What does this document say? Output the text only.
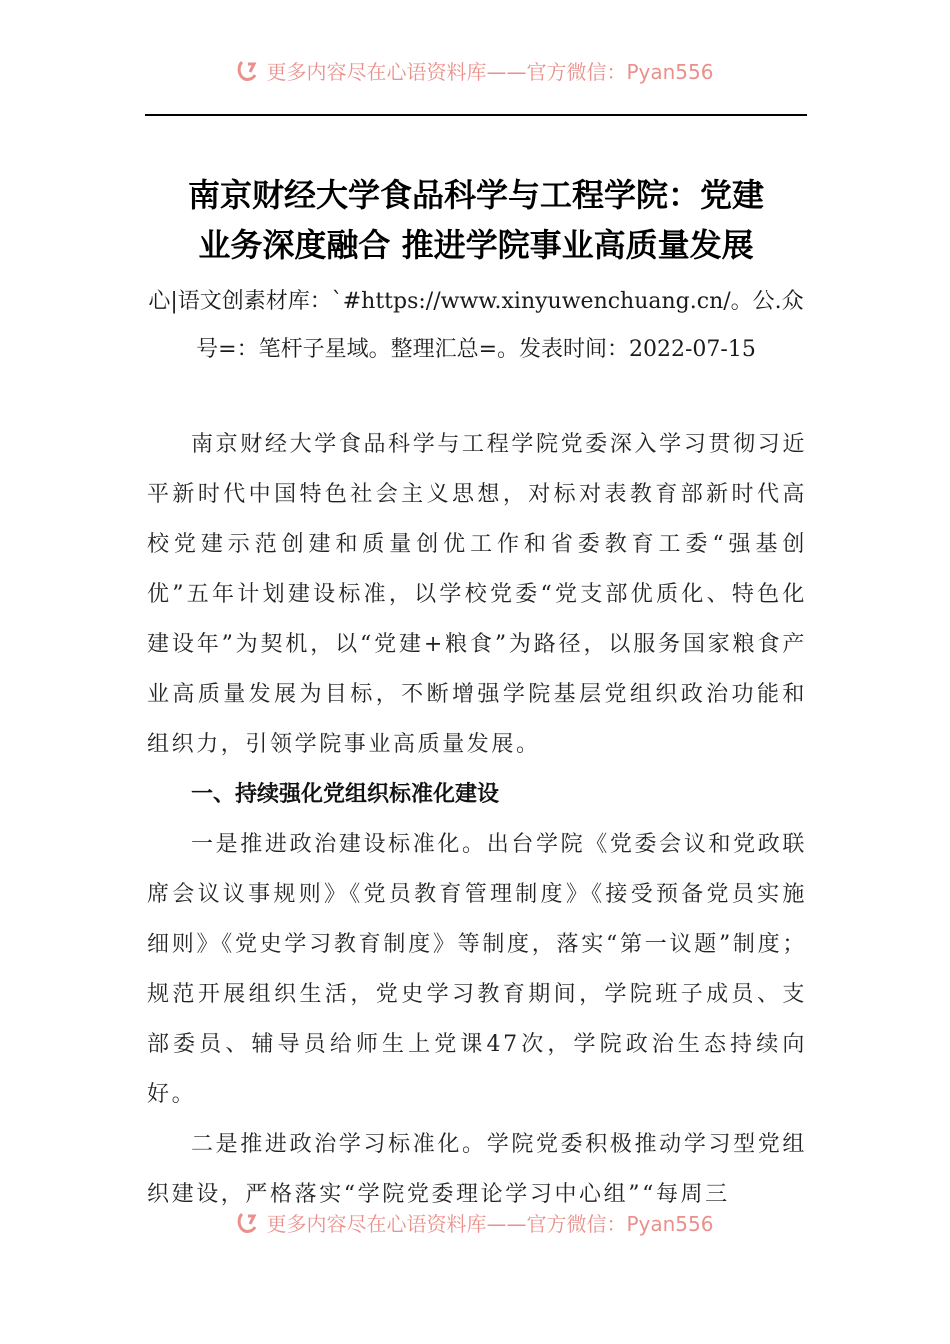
更多内容尽在心语资料库——官方微信：Pyan556
南京财经大学食品科学与工程学院：党建
业务深度融合 推进学院事业高质量发展

心|语文创素材库：`#https://www.xinyuwenchuang.cn/。公.众
号=：笔杆子星域。整理汇总=。发表时间：2022-07-15

南京财经大学食品科学与工程学院党委深入学习贯彻习近平新时代中国特色社会主义思想，对标对表教育部新时代高校党建示范创建和质量创优工作和省委教育工委“强基创优”五年计划建设标准，以学校党委“党支部优质化、特色化建设年”为契机，以“党建+粮食”为路径，以服务国家粮食产业高质量发展为目标，不断增强学院基层党组织政治功能和组织力，引领学院事业高质量发展。

一、持续强化党组织标准化建设

一是推进政治建设标准化。出台学院《党委会议和党政联席会议议事规则》《党员教育管理制度》《接受预备党员实施细则》《党史学习教育制度》等制度，落实“第一议题”制度；规范开展组织生活，党史学习教育期间，学院班子成员、支部委员、辅导员给师生上党课47次，学院政治生态持续向好。

二是推进政治学习标准化。学院党委积极推动学习型党组织建设，严格落实“学院党委理论学习中心组”“每周三

更多内容尽在心语资料库——官方微信：Pyan556
